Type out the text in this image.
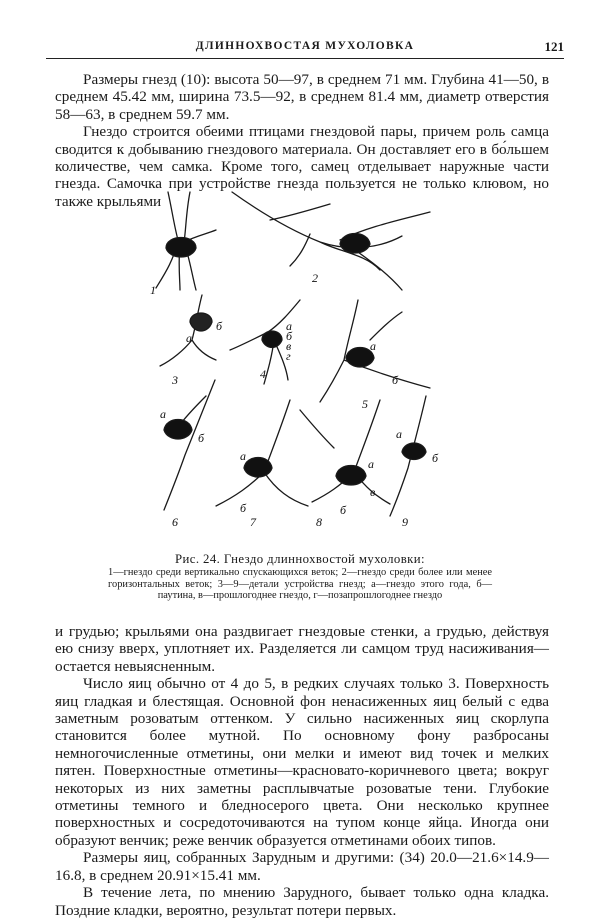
ДЛИННОХВОСТАЯ МУХОЛОВКА	121

Размеры гнезд (10): высота 50—97, в среднем 71 мм. Глубина 41—50, в среднем 45.42 мм, ширина 73.5—92, в среднем 81.4 мм, диаметр отверстия 58—63, в среднем 59.7 мм.

Гнездо строится обеими птицами гнездовой пары, причем роль самца сводится к добыванию гнездового материала. Он доставляет его в бо́льшем количестве, чем самка. Кроме того, самец отделывает наружные части гнезда. Самочка при устройстве гнезда пользуется не только клювом, но также крыльями

1
2
3	4
5
6	7	8	9
а
б	а
б
в
г
а
б
а
б
а
б
а
б
в
а
б
Рис. 24. Гнездо длиннохвостой мухоловки:
1—гнездо среди вертикально спускающихся веток; 2—гнездо среди более или менее горизонтальных веток; 3—9—детали устройства гнезд; а—гнездо этого года, б—паутина, в—прошлогоднее гнездо, г—позапрошлогоднее гнездо

и грудью; крыльями она раздвигает гнездовые стенки, а грудью, действуя ею снизу вверх, уплотняет их. Разделяется ли самцом труд насиживания—остается невыясненным.

Число яиц обычно от 4 до 5, в редких случаях только 3. Поверхность яиц гладкая и блестящая. Основной фон ненасиженных яиц белый с едва заметным розоватым оттенком. У сильно насиженных яиц скорлупа становится более мутной. По основному фону разбросаны немногочисленные отметины, они мелки и имеют вид точек и мелких пятен. Поверхностные отметины—красновато-коричневого цвета; вокруг некоторых из них заметны расплывчатые розоватые тени. Глубокие отметины темного и бледносерого цвета. Они несколько крупнее поверхностных и сосредоточиваются на тупом конце яйца. Иногда они образуют венчик; реже венчик образуется отметинами обоих типов.

Размеры яиц, собранных Зарудным и другими: (34) 20.0—21.6×14.9—16.8, в среднем 20.91×15.41 мм.

В течение лета, по мнению Зарудного, бывает только одна кладка. Поздние кладки, вероятно, результат потери первых.
